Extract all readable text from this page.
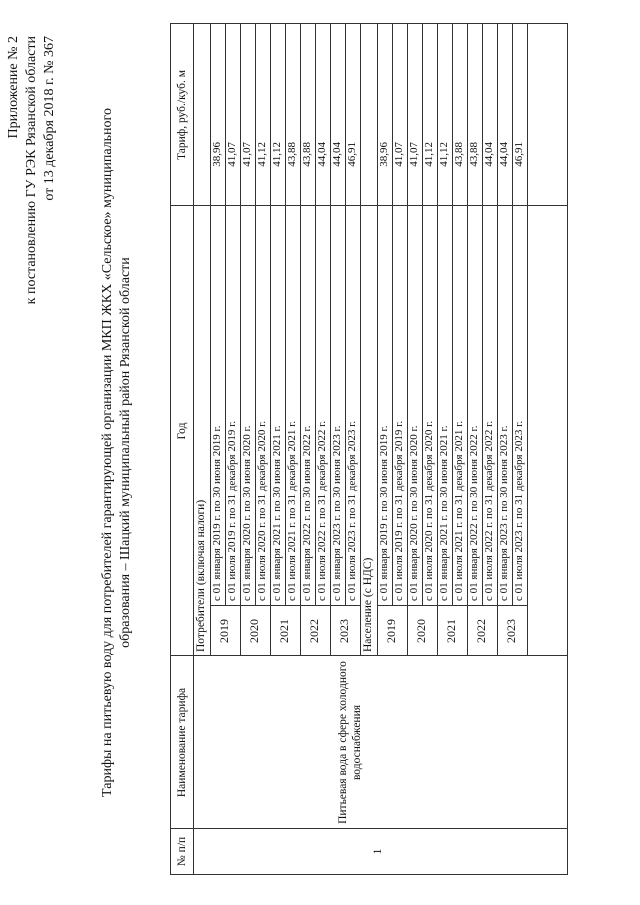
Приложение № 2 к постановлению ГУ РЭК Рязанской области от 13 декабря 2018 г. № 367	Тарифы на питьевую воду для потребителей гарантирующей организации МКП ЖКХ «Сельское» муниципального образования – Шацкий муниципальный район Рязанской области
№ п/п
Наименование тарифа
Год
Тариф, руб./куб. м
1
Питьевая вода в сфере холодного водоснабжения
Потребители (включая налоги) 2019
с 01 января 2019 г. по 30 июня 2019 г.
38,96
с 01 июля 2019 г. по 31 декабря 2019 г.
41,07
2020
с 01 января 2020 г. по 30 июня 2020 г.
41,07
с 01 июля 2020 г. по 31 декабря 2020 г.
41,12
2021
с 01 января 2021 г. по 30 июня 2021 г.
41,12
с 01 июля 2021 г. по 31 декабря 2021 г.
43,88
2022
с 01 января 2022 г. по 30 июня 2022 г.
43,88
с 01 июля 2022 г. по 31 декабря 2022 г.
44,04
2023
с 01 января 2023 г. по 30 июня 2023 г.
44,04
с 01 июля 2023 г. по 31 декабря 2023 г.
46,91
Население (с НДС) 2019
с 01 января 2019 г. по 30 июня 2019 г.
38,96
с 01 июля 2019 г. по 31 декабря 2019 г.
41,07
2020
с 01 января 2020 г. по 30 июня 2020 г.
41,07
с 01 июля 2020 г. по 31 декабря 2020 г.
41,12
2021
с 01 января 2021 г. по 30 июня 2021 г.
41,12
с 01 июля 2021 г. по 31 декабря 2021 г.
43,88
2022
с 01 января 2022 г. по 30 июня 2022 г.
43,88
с 01 июля 2022 г. по 31 декабря 2022 г.
44,04
2023
с 01 января 2023 г. по 30 июня 2023 г.
44,04
с 01 июля 2023 г. по 31 декабря 2023 г.
46,91
